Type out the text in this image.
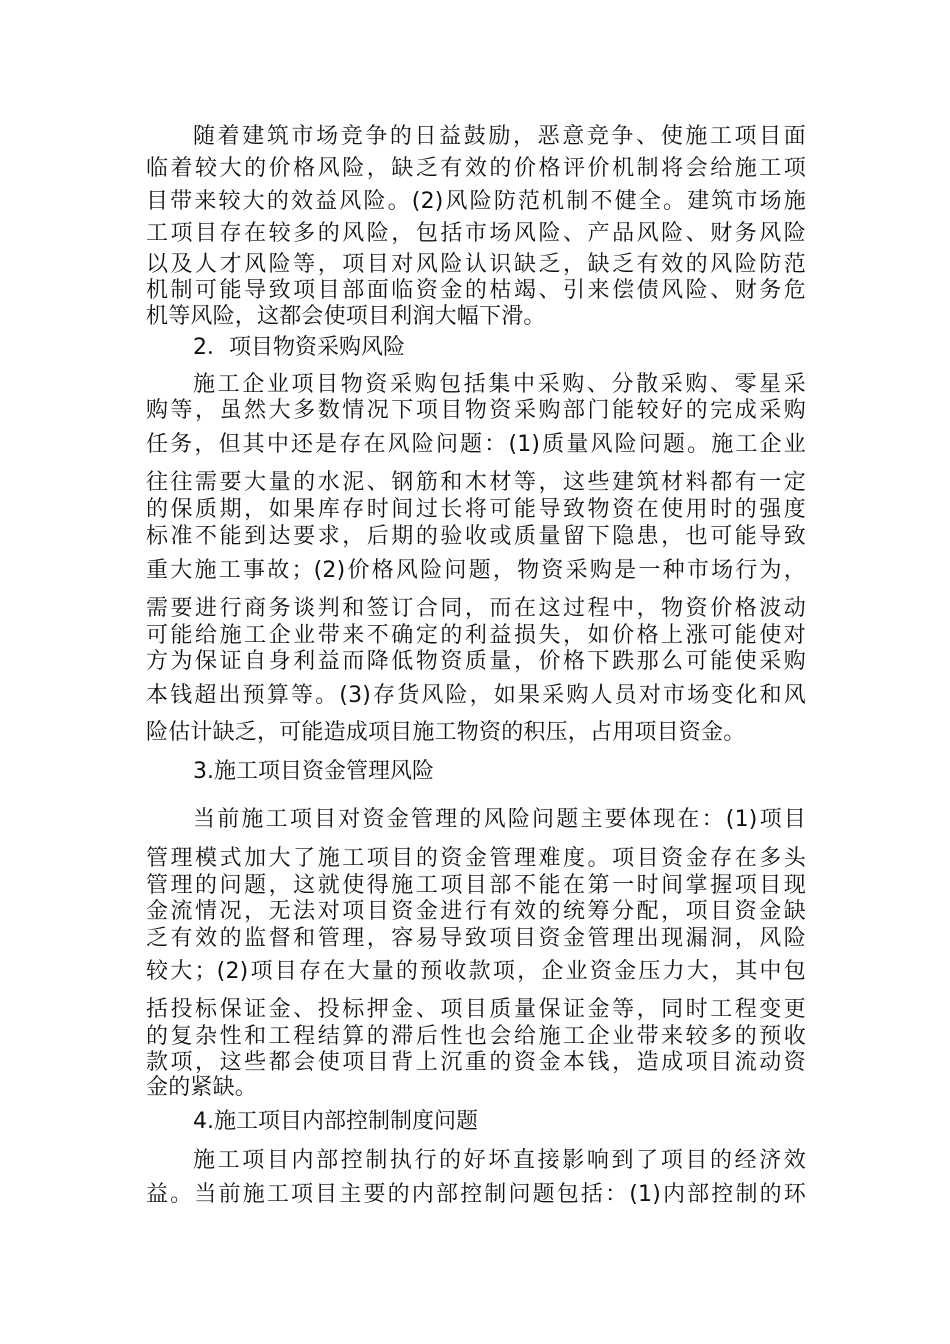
随着建筑市场竞争的日益鼓励，恶意竞争、使施工项目面
临着较大的价格风险，缺乏有效的价格评价机制将会给施工项
目带来较大的效益风险。(2)风险防范机制不健全。建筑市场施
工项目存在较多的风险，包括市场风险、产品风险、财务风险
以及人才风险等，项目对风险认识缺乏，缺乏有效的风险防范
机制可能导致项目部面临资金的枯竭、引来偿债风险、财务危
机等风险，这都会使项目利润大幅下滑。
2．项目物资采购风险
施工企业项目物资采购包括集中采购、分散采购、零星采
购等，虽然大多数情况下项目物资采购部门能较好的完成采购
任务，但其中还是存在风险问题：(1)质量风险问题。施工企业
往往需要大量的水泥、钢筋和木材等，这些建筑材料都有一定
的保质期，如果库存时间过长将可能导致物资在使用时的强度
标准不能到达要求，后期的验收或质量留下隐患，也可能导致
重大施工事故；(2)价格风险问题，物资采购是一种市场行为，
需要进行商务谈判和签订合同，而在这过程中，物资价格波动
可能给施工企业带来不确定的利益损失，如价格上涨可能使对
方为保证自身利益而降低物资质量，价格下跌那么可能使采购
本钱超出预算等。(3)存货风险，如果采购人员对市场变化和风
险估计缺乏，可能造成项目施工物资的积压，占用项目资金。
3.施工项目资金管理风险
当前施工项目对资金管理的风险问题主要体现在：(1)项目
管理模式加大了施工项目的资金管理难度。项目资金存在多头
管理的问题，这就使得施工项目部不能在第一时间掌握项目现
金流情况，无法对项目资金进行有效的统筹分配，项目资金缺
乏有效的监督和管理，容易导致项目资金管理出现漏洞，风险
较大；(2)项目存在大量的预收款项，企业资金压力大，其中包
括投标保证金、投标押金、项目质量保证金等，同时工程变更
的复杂性和工程结算的滞后性也会给施工企业带来较多的预收
款项，这些都会使项目背上沉重的资金本钱，造成项目流动资
金的紧缺。
4.施工项目内部控制制度问题
施工项目内部控制执行的好坏直接影响到了项目的经济效
益。当前施工项目主要的内部控制问题包括：(1)内部控制的环
